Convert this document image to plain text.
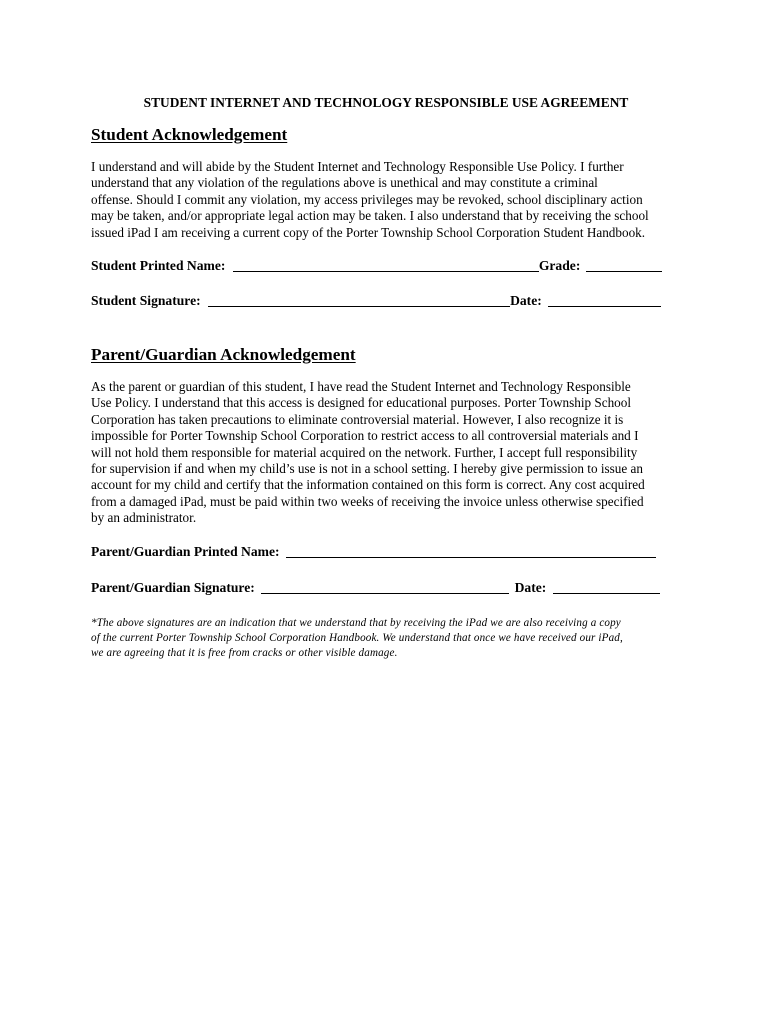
STUDENT INTERNET AND TECHNOLOGY RESPONSIBLE USE AGREEMENT
Student Acknowledgement
I understand and will abide by the Student Internet and Technology Responsible Use Policy. I further
understand that any violation of the regulations above is unethical and may constitute a criminal
offense. Should I commit any violation, my access privileges may be revoked, school disciplinary action
may be taken, and/or appropriate legal action may be taken. I also understand that by receiving the school
issued iPad I am receiving a current copy of the Porter Township School Corporation Student Handbook.
Student Printed Name:	Grade:
Student Signature:	Date:
Parent/Guardian Acknowledgement
As the parent or guardian of this student, I have read the Student Internet and Technology Responsible
Use Policy. I understand that this access is designed for educational purposes. Porter Township School
Corporation has taken precautions to eliminate controversial material. However, I also recognize it is
impossible for Porter Township School Corporation to restrict access to all controversial materials and I
will not hold them responsible for material acquired on the network. Further, I accept full responsibility
for supervision if and when my child’s use is not in a school setting. I hereby give permission to issue an
account for my child and certify that the information contained on this form is correct. Any cost acquired
from a damaged iPad, must be paid within two weeks of receiving the invoice unless otherwise specified
by an administrator.
Parent/Guardian Printed Name:
Parent/Guardian Signature:	Date:
*The above signatures are an indication that we understand that by receiving the iPad we are also receiving a copy
of the current Porter Township School Corporation Handbook. We understand that once we have received our iPad,
we are agreeing that it is free from cracks or other visible damage.
